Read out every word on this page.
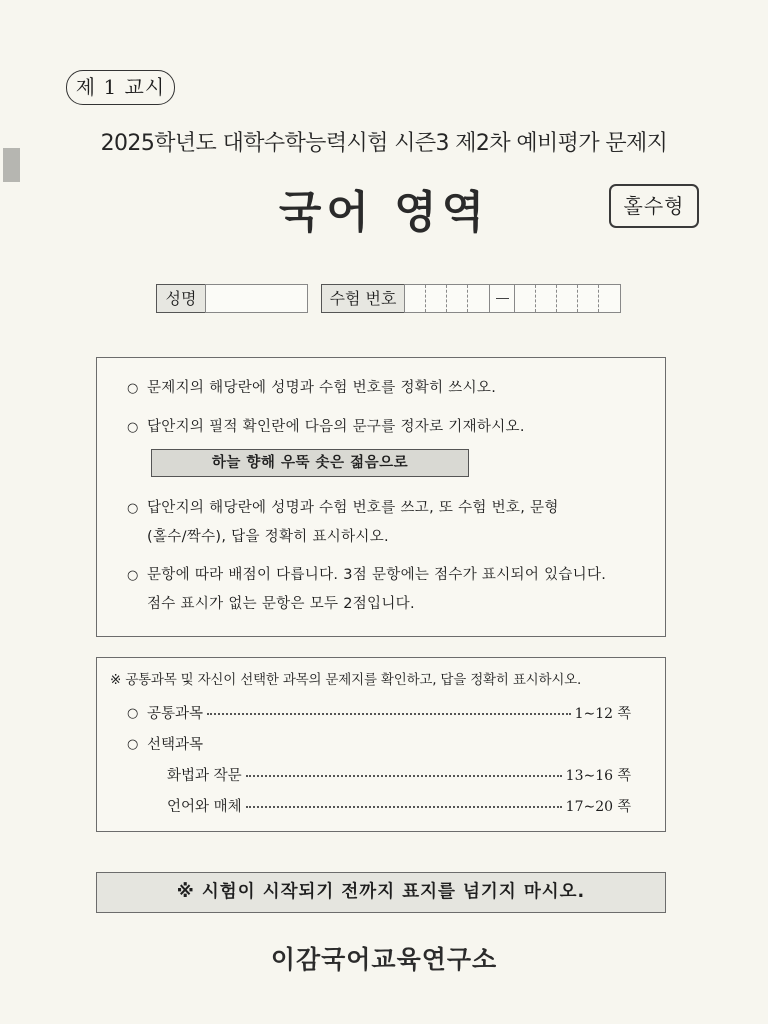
제 1 교시
2025학년도 대학수학능력시험 시즌3 제2차 예비평가 문제지
국어 영역	홀수형
성명	수험 번호
○ 문제지의 해당란에 성명과 수험 번호를 정확히 쓰시오.
○ 답안지의 필적 확인란에 다음의 문구를 정자로 기재하시오.
하늘 향해 우뚝 솟은 젊음으로
○ 답안지의 해당란에 성명과 수험 번호를 쓰고, 또 수험 번호, 문형
(홀수/짝수), 답을 정확히 표시하시오.
○ 문항에 따라 배점이 다릅니다. 3점 문항에는 점수가 표시되어 있습니다.
점수 표시가 없는 문항은 모두 2점입니다.
※ 공통과목 및 자신이 선택한 과목의 문제지를 확인하고, 답을 정확히 표시하시오.
○ 공통과목	1∼12 쪽
○ 선택과목
화법과 작문	13∼16 쪽
언어와 매체	17∼20 쪽
※ 시험이 시작되기 전까지 표지를 넘기지 마시오.
이감국어교육연구소
